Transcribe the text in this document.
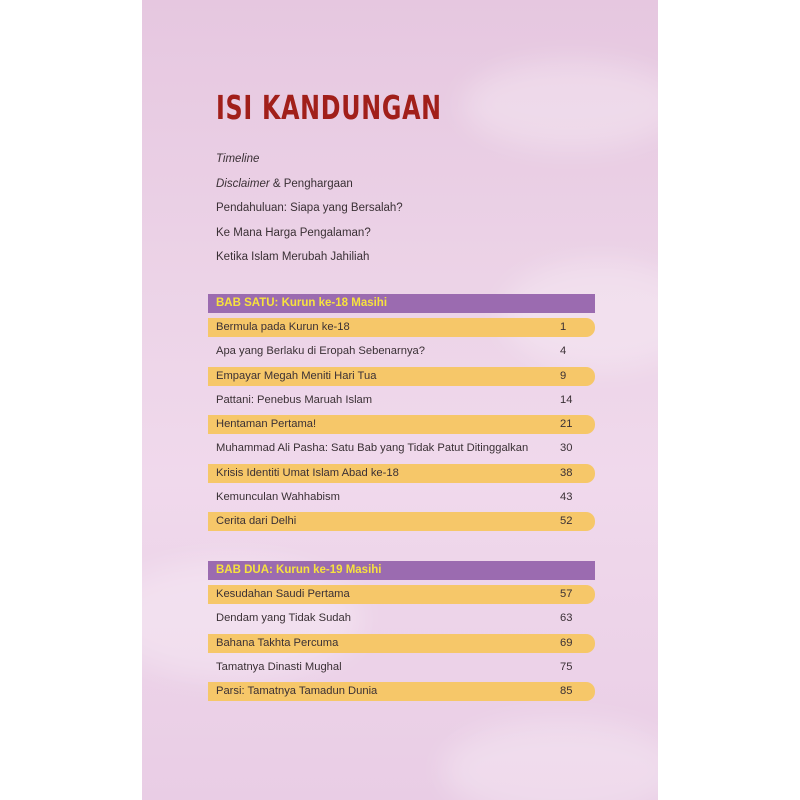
ISI KANDUNGAN
Timeline
Disclaimer & Penghargaan
Pendahuluan: Siapa yang Bersalah?
Ke Mana Harga Pengalaman?
Ketika Islam Merubah Jahiliah
BAB SATU: Kurun ke-18 Masihi
Bermula pada Kurun ke-18	1
Apa yang Berlaku di Eropah Sebenarnya?	4
Empayar Megah Meniti Hari Tua	9
Pattani: Penebus Maruah Islam	14
Hentaman Pertama!	21
Muhammad Ali Pasha: Satu Bab yang Tidak Patut Ditinggalkan	30
Krisis Identiti Umat Islam Abad ke-18	38
Kemunculan Wahhabism	43
Cerita dari Delhi	52
BAB DUA: Kurun ke-19 Masihi
Kesudahan Saudi Pertama	57
Dendam yang Tidak Sudah	63
Bahana Takhta Percuma	69
Tamatnya Dinasti Mughal	75
Parsi: Tamatnya Tamadun Dunia	85
